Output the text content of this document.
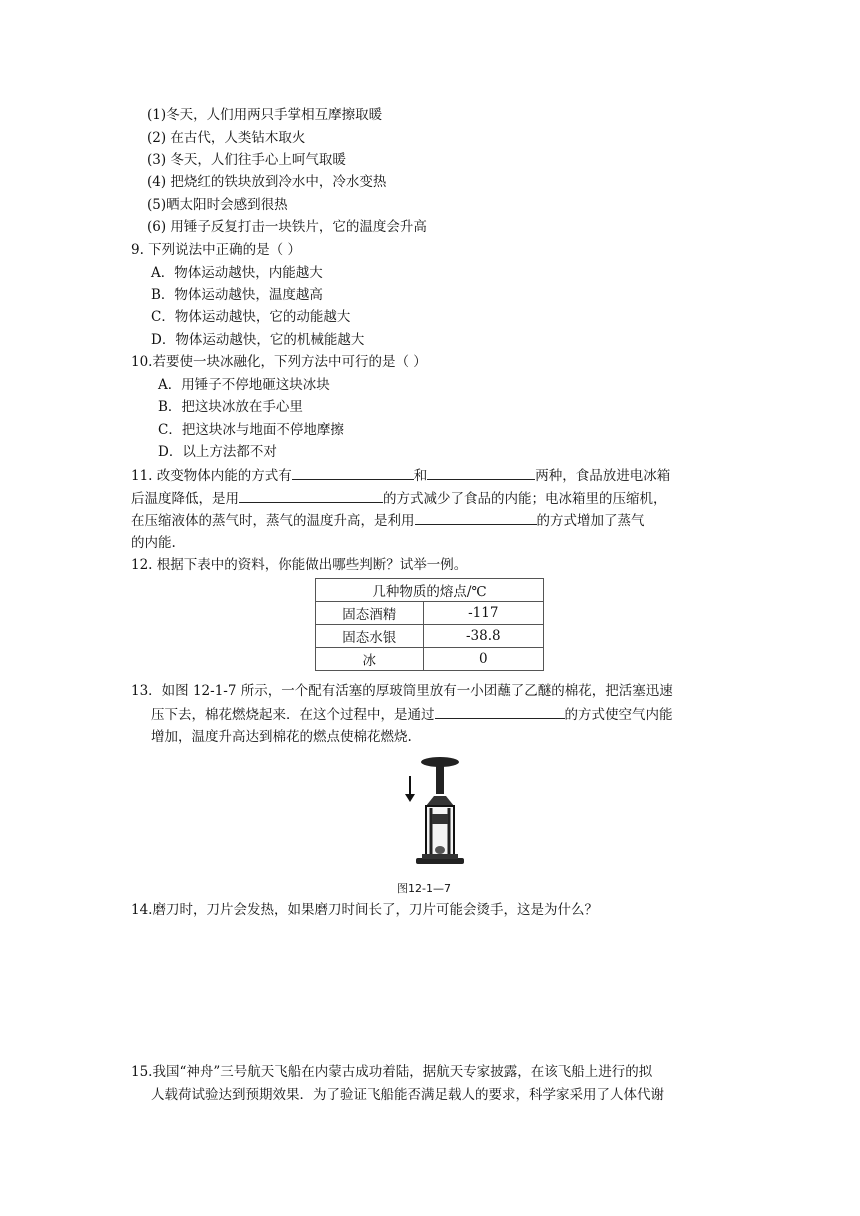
(1)冬天，人们用两只手掌相互摩擦取暖
(2) 在古代，人类钻木取火
(3) 冬天，人们往手心上呵气取暖
(4) 把烧红的铁块放到冷水中，冷水变热
(5)晒太阳时会感到很热
(6) 用锤子反复打击一块铁片，它的温度会升高
9. 下列说法中正确的是（ ）
A．物体运动越快，内能越大
B．物体运动越快，温度越高
C．物体运动越快，它的动能越大
D．物体运动越快，它的机械能越大
10.若要使一块冰融化，下列方法中可行的是（ ）
A．用锤子不停地砸这块冰块
B．把这块冰放在手心里
C．把这块冰与地面不停地摩擦
D．以上方法都不对
11. 改变物体内能的方式有	和	两种，食品放进电冰箱
后温度降低，是用	的方式减少了食品的内能；电冰箱里的压缩机，
在压缩液体的蒸气时，蒸气的温度升高，是利用	的方式增加了蒸气
的内能.
12. 根据下表中的资料，你能做出哪些判断？试举一例。
几种物质的熔点/℃	
固态酒精	-117
固态水银	-38.8
冰	0
13．如图 12-1-7 所示，一个配有活塞的厚玻筒里放有一小团蘸了乙醚的棉花，把活塞迅速
压下去，棉花燃烧起来．在这个过程中，是通过	的方式使空气内能
增加，温度升高达到棉花的燃点使棉花燃烧.
图12-1—7
14.磨刀时，刀片会发热，如果磨刀时间长了，刀片可能会烫手，这是为什么？
15.我国“神舟”三号航天飞船在内蒙古成功着陆，据航天专家披露，在该飞船上进行的拟
人载荷试验达到预期效果．为了验证飞船能否满足载人的要求，科学家采用了人体代谢
